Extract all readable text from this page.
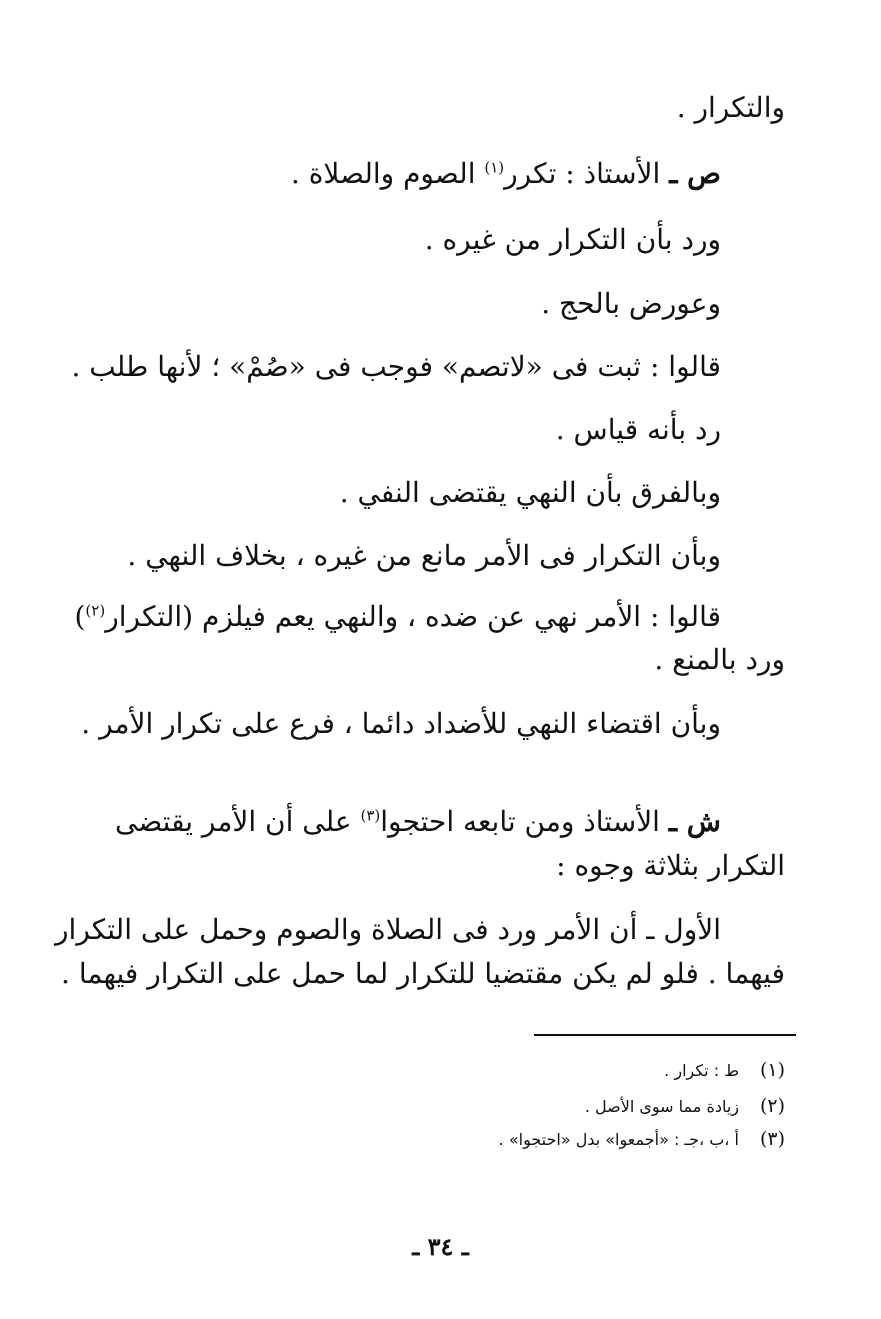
والتكرار .
ص ـ الأستاذ : تكرر$^{(١)}$ الصوم والصلاة .
ورد بأن التكرار من غيره .
وعورض بالحج .
قالوا : ثبت فى «لاتصم» فوجب فى «صُمْ» ؛ لأنها طلب .
رد بأنه قياس .
وبالفرق بأن النهي يقتضى النفي .
وبأن التكرار فى الأمر مانع من غيره ، بخلاف النهي .
قالوا : الأمر نهي عن ضده ، والنهي يعم فيلزم (التكرار$^{(٢)}$)
ورد بالمنع .
وبأن اقتضاء النهي للأضداد دائما ، فرع على تكرار الأمر .
ش ـ الأستاذ ومن تابعه احتجوا$^{(٣)}$ على أن الأمر يقتضى
التكرار بثلاثة وجوه :
الأول ـ أن الأمر ورد فى الصلاة والصوم وحمل على التكرار
فيهما . فلو لم يكن مقتضيا للتكرار لما حمل على التكرار فيهما .
(١)ط : تكرار .
(٢)زيادة مما سوى الأصل .
(٣)أ ،ب ،جـ : «أجمعوا» بدل «احتجوا» .
ـ ٣٤ ـ
